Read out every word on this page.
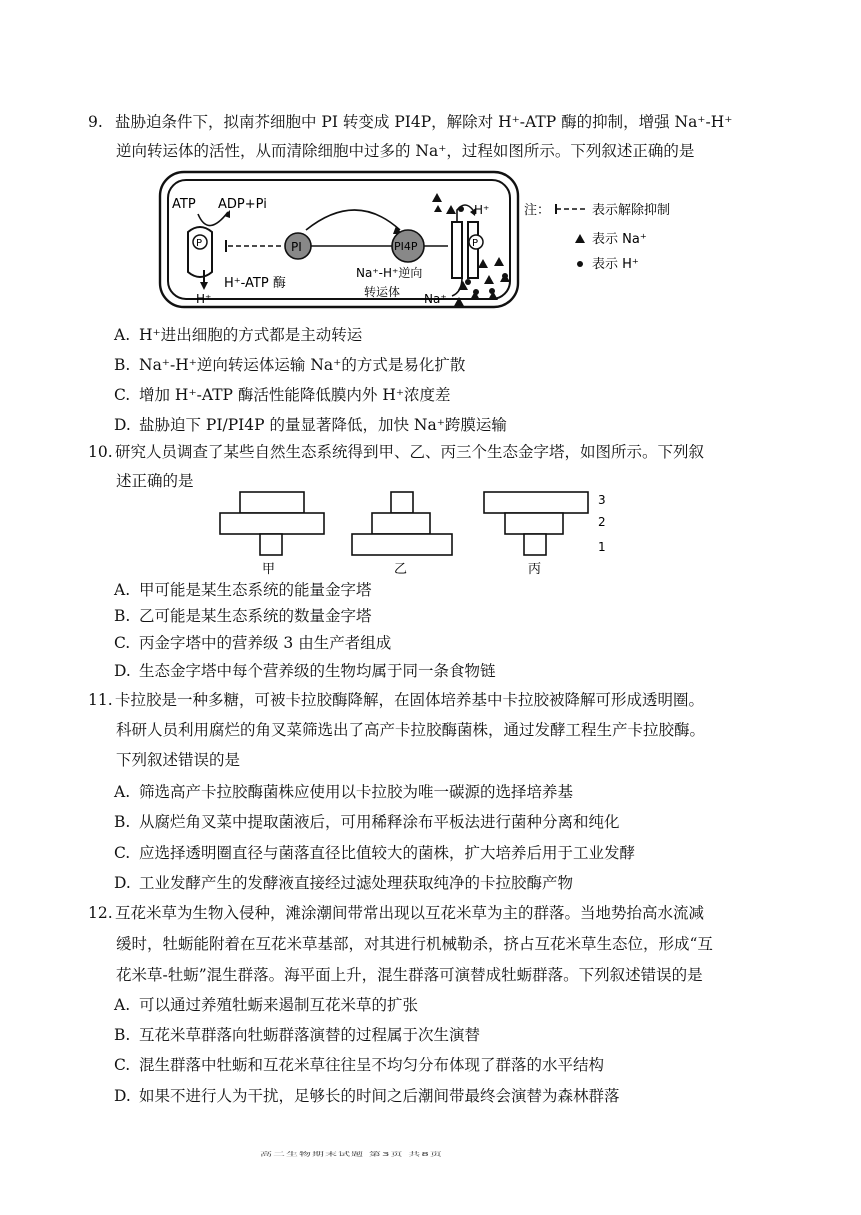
9. 盐胁迫条件下，拟南芥细胞中 PI 转变成 PI4P，解除对 H⁺-ATP 酶的抑制，增强 Na⁺-H⁺
逆向转运体的活性，从而清除细胞中过多的 Na⁺，过程如图所示。下列叙述正确的是
P
H⁺
ATP ADP+Pi
H⁺-ATP 酶
PI	PI4P	P
H⁺
Na⁺-H⁺逆向
转运体 Na⁺
注：	表示解除抑制
表示 Na⁺
表示 H⁺
A. H⁺进出细胞的方式都是主动转运
B. Na⁺-H⁺逆向转运体运输 Na⁺的方式是易化扩散
C. 增加 H⁺-ATP 酶活性能降低膜内外 H⁺浓度差
D. 盐胁迫下 PI/PI4P 的量显著降低，加快 Na⁺跨膜运输
10. 研究人员调查了某些自然生态系统得到甲、乙、丙三个生态金字塔，如图所示。下列叙
述正确的是
甲	乙	丙
3
2
1
A. 甲可能是某生态系统的能量金字塔
B. 乙可能是某生态系统的数量金字塔
C. 丙金字塔中的营养级 3 由生产者组成
D. 生态金字塔中每个营养级的生物均属于同一条食物链
11. 卡拉胶是一种多糖，可被卡拉胶酶降解，在固体培养基中卡拉胶被降解可形成透明圈。
科研人员利用腐烂的角叉菜筛选出了高产卡拉胶酶菌株，通过发酵工程生产卡拉胶酶。
下列叙述错误的是
A. 筛选高产卡拉胶酶菌株应使用以卡拉胶为唯一碳源的选择培养基
B. 从腐烂角叉菜中提取菌液后，可用稀释涂布平板法进行菌种分离和纯化
C. 应选择透明圈直径与菌落直径比值较大的菌株，扩大培养后用于工业发酵
D. 工业发酵产生的发酵液直接经过滤处理获取纯净的卡拉胶酶产物
12. 互花米草为生物入侵种，滩涂潮间带常出现以互花米草为主的群落。当地势抬高水流减
缓时，牡蛎能附着在互花米草基部，对其进行机械勒杀，挤占互花米草生态位，形成“互
花米草-牡蛎”混生群落。海平面上升，混生群落可演替成牡蛎群落。下列叙述错误的是
A. 可以通过养殖牡蛎来遏制互花米草的扩张
B. 互花米草群落向牡蛎群落演替的过程属于次生演替
C. 混生群落中牡蛎和互花米草往往呈不均匀分布体现了群落的水平结构
D. 如果不进行人为干扰，足够长的时间之后潮间带最终会演替为森林群落
高二生物期末试题 第3页 共8页
